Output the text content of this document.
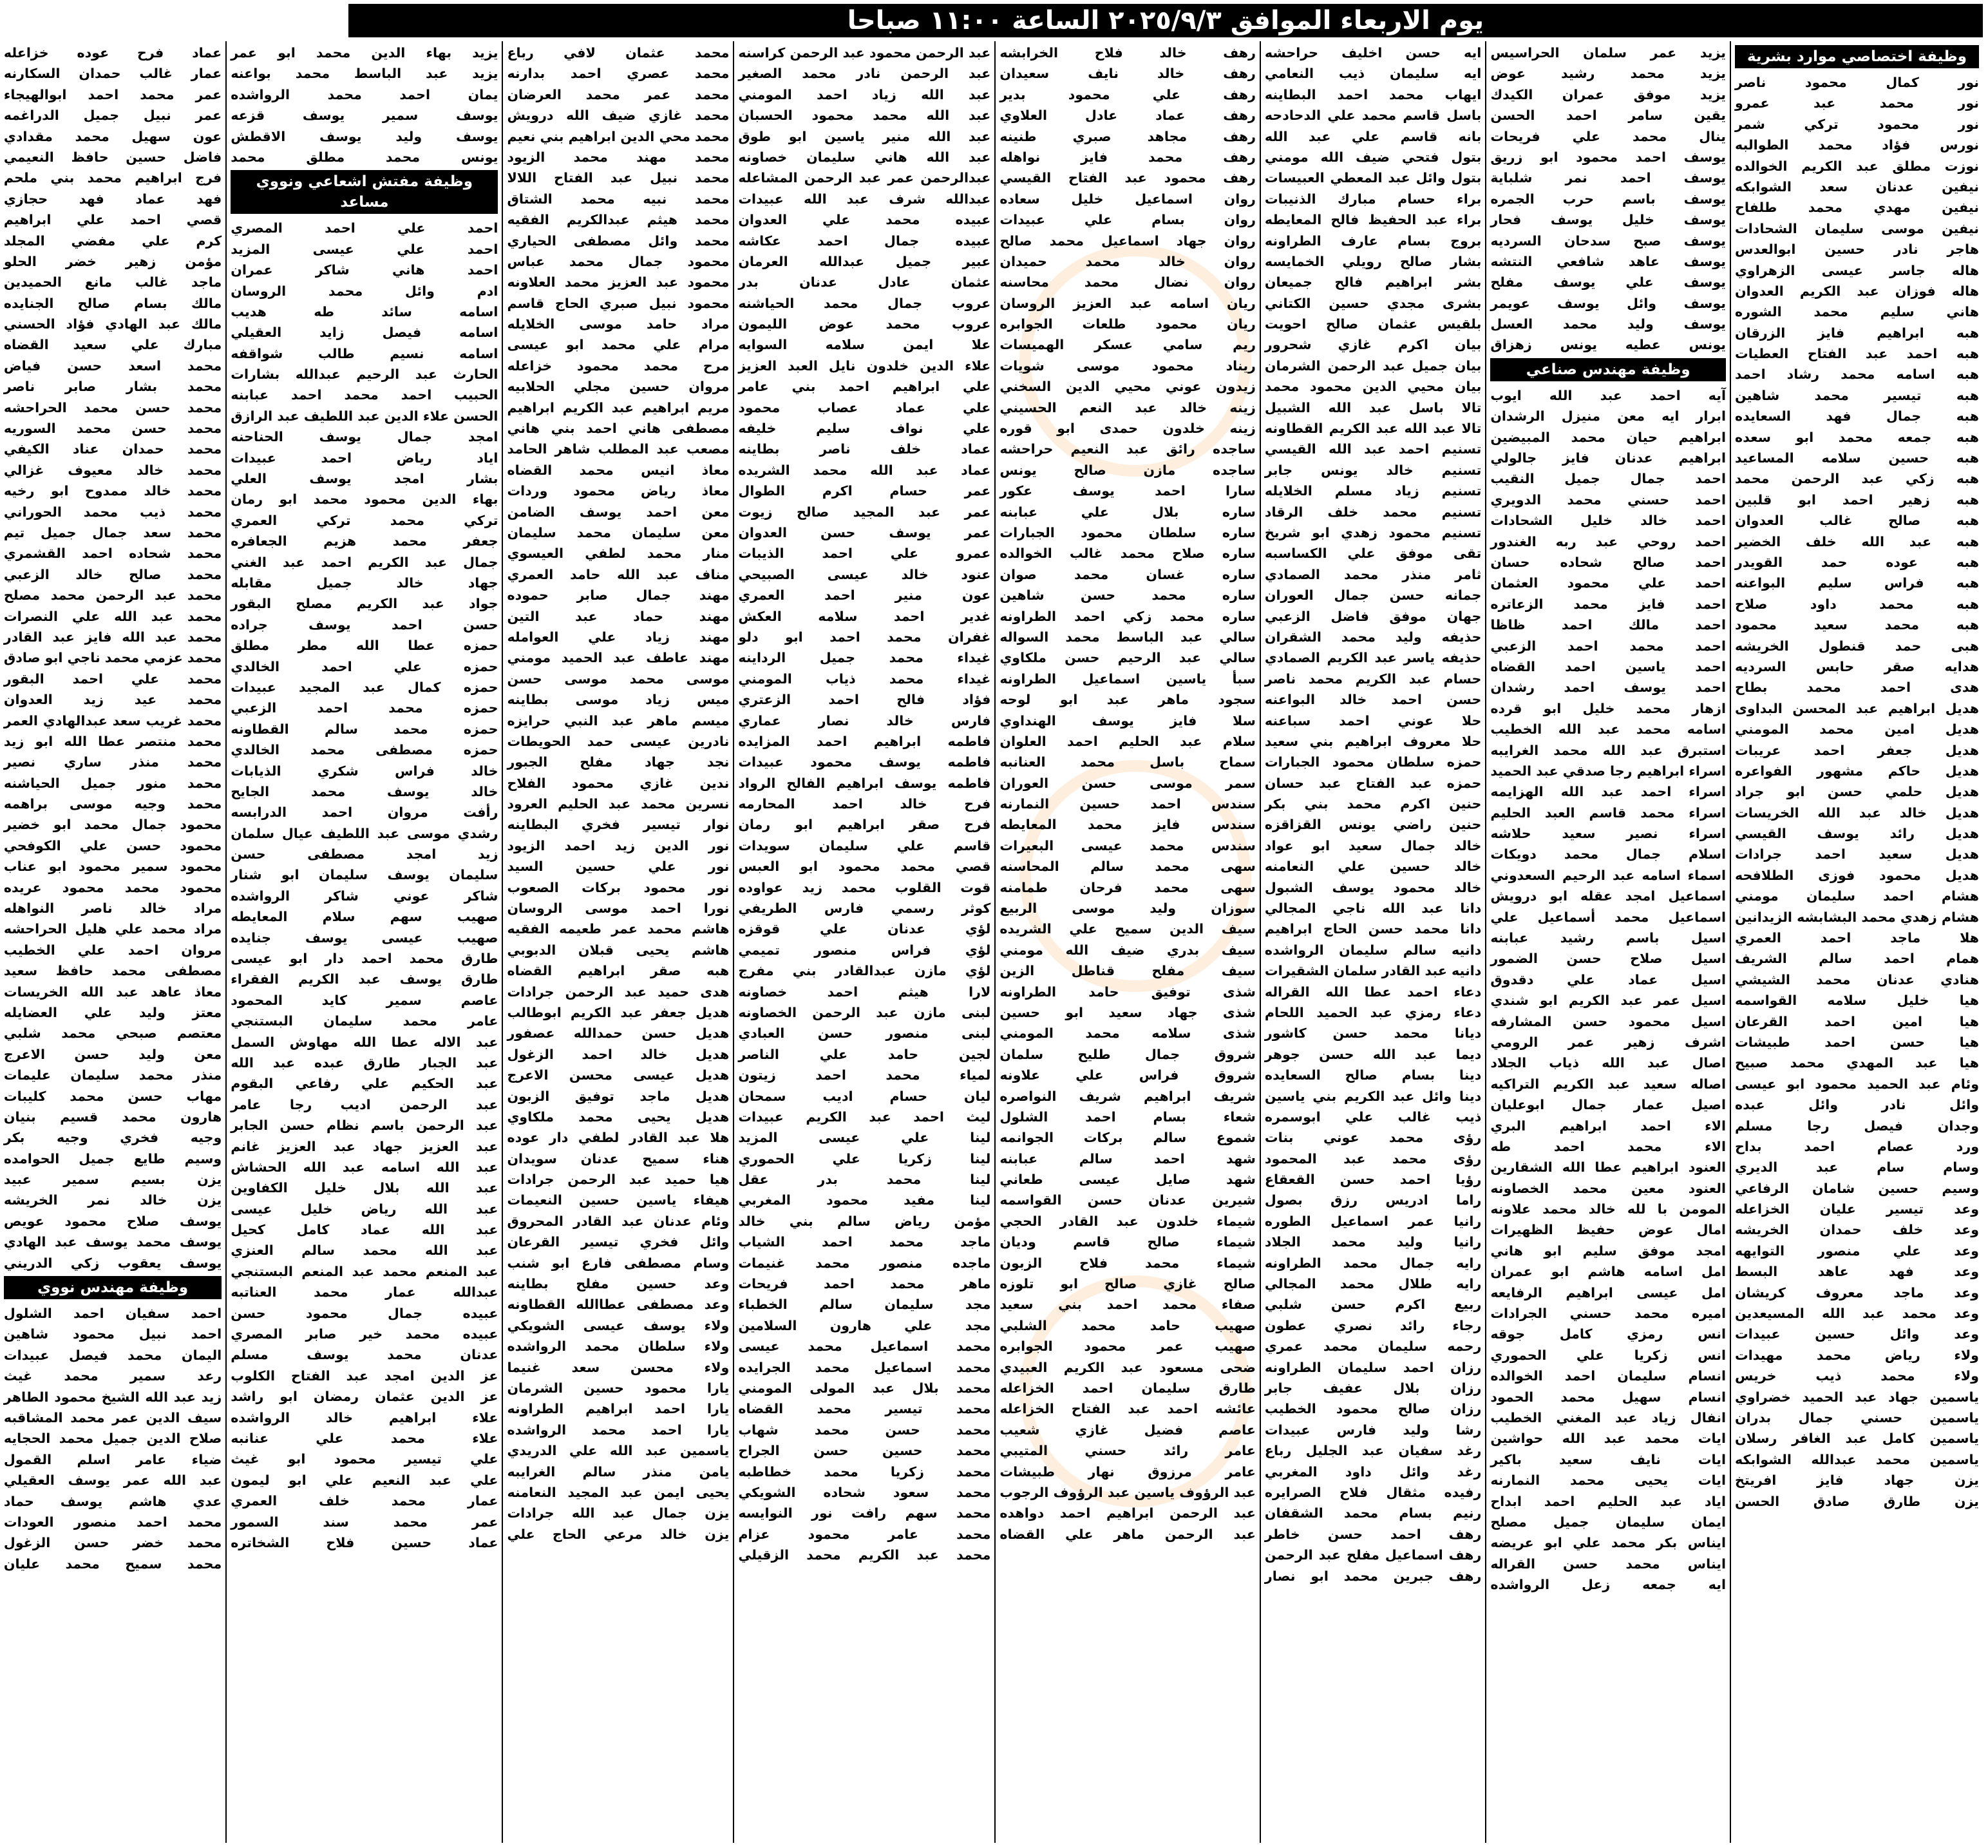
يوم الاربعاء الموافق ٢٠٢٥/٩/٣ الساعة ١١:٠٠ صباحا
وظيفة اختصاصي موارد بشرية
نور كمال محمود ناصر
نور محمد عبد عمرو
نور محمود تركي شمر
نورس فؤاد محمد الطوالبه
نوزت مطلق عبد الكريم الخوالده
نيفين عدنان سعد الشوابكه
نيفين مهدي محمد طلفاح
نيفين موسى سليمان الشحادات
هاجر نادر حسين ابوالعدس
هاله جاسر عيسى الزهراوي
هاله فوزان عبد الكريم العدوان
هاني سليم محمد الشوره
هبه ابراهيم فايز الزرقان
هبه احمد عبد الفتاح العطيات
هبه اسامه محمد رشاد احمد
هبه تيسير محمد شاهين
هبه جمال فهد السعايده
هبه جمعه محمد ابو سعده
هبه حسين سلامه المساعيد
هبه زكي عبد الرحمن محمد
هبه زهير احمد ابو قلبين
هبه صالح غالب العدوان
هبه عبد الله خلف الخضير
هبه عوده حمد القويدر
هبه فراس سليم البواعنه
هبه محمد داود صلاح
هبه محمد سعيد محمود
هبى حمد قنطول الخريشه
هدايه صقر حابس السرديه
هدى احمد محمد بطاح
هديل ابراهيم عبد المحسن البداوى
هديل امين محمد المومني
هديل جعفر احمد عريبات
هديل حاكم مشهور الفواعره
هديل حلمي حسن ابو جراد
هديل خالد عبد الله الخريسات
هديل رائد يوسف القيسي
هديل سعيد احمد جرادات
هديل محمود فوزى الطلافحه
هشام احمد سليمان مومني
هشام زهدي محمد البشابشه الزيدانين
هلا ماجد احمد العمري
همام احمد سالم الشريف
هنادي عدنان محمد الشيشي
هيا خليل سلامه القواسمه
هيا امين احمد القرعان
هيا حسن احمد طبيشات
هيا عبد المهدي محمد صبيح
وئام عبد الحميد محمود ابو عيسى
وائل نادر وائل عبده
وجدان فيصل رجا مسلم
ورد عصام احمد بداح
وسام سام عبد الديري
وسيم حسين شامان الرفاعي
وعد تيسير عليان الخزاعله
وعد خلف حمدان الخريشه
وعد علي منصور التوايهه
وعد فهد عاهد البسط
وعد ماجد معروف كريشان
وعد محمد عبد الله المسيعدين
وعد وائل حسين عبيدات
ولاء رياض محمد مهيدات
ولاء محمد ذيب خريس
ياسمين جهاد عبد الحميد خضراوي
ياسمين حسني جمال بدران
ياسمين كامل عبد الغافر رسلان
ياسمين محمد عبدالله الشوابكه
يزن جهاد فايز افريتخ
يزن طارق صادق الحسن
يزيد عمر سلمان الحراسيس
يزيد محمد رشيد عوض
يزيد موفق عمران الكيدك
يقين سامر احمد الحسن
ينال محمد علي فريحات
يوسف احمد محمود ابو زريق
يوسف احمد نمر شلباية
يوسف باسم حرب الجمره
يوسف خليل يوسف فحار
يوسف صبح سدحان السرديه
يوسف عاهد شافعي النتشه
يوسف علي يوسف مفلح
يوسف وائل يوسف عويمر
يوسف وليد محمد العسل
يونس عطيه يونس زهزاق
وظيفة مهندس صناعي
آيه احمد عبد الله ايوب
ابرار ايه معن منيزل الرشدان
ابراهيم حيان محمد المبيضين
ابراهيم عدنان فايز جالولي
احمد جمال جميل النقيب
احمد حسني محمد الدويري
احمد خالد خليل الشحادات
احمد روحي عبد ربه الغندور
احمد صالح شحاده حسان
احمد علي محمود العثمان
احمد فايز محمد الزعاتره
احمد مالك احمد ظاظا
احمد محمد احمد الزعبي
احمد ياسين احمد القضاه
احمد يوسف احمد رشدان
ازهار محمد خليل ابو قرده
اسامه محمد عبد الله الخطيب
استبرق عبد الله محمد الغرايبه
اسراء ابراهيم رجا صدقي عبد الحميد
اسراء احمد عبد الله الهزايمه
اسراء محمد قاسم العبد الحليم
اسراء نصير سعيد حلاشه
اسلام جمال محمد دويكات
اسماء اسامه عبد الرحيم السعدوني
اسماعيل امجد عقله ابو درويش
اسماعيل محمد أسماعيل علي
اسيل باسم رشيد عبابنه
اسيل صلاح حسن الضمور
اسيل عماد علي دقدوق
اسيل عمر عبد الكريم ابو شندي
اسيل محمود حسن المشارفه
اشرف زهير عمر الرومي
اصال عبد الله ذياب الجلاد
اصاله سعيد عبد الكريم التراكيه
اصيل عمار جمال ابوعليان
الاء احمد ابراهيم البري
الاء محمد احمد طه
العنود ابراهيم عطا الله الشقارين
العنود معين محمد الخصاونه
المومن با لله خالد محمد علاونه
امال عوض حفيظ الظهيرات
امجد موفق سليم ابو هاني
امل اسامه هاشم ابو عمران
امل عيسى ابراهيم الرفايعه
اميره محمد حسني الجرادات
انس رمزي كامل جوقه
انس زكريا علي الحموري
انسام سليمان احمد الخوالده
انسام سهيل محمد الحمود
انفال زياد عبد المغني الخطيب
ايات محمد عبد الله حواشين
ايات نايف سعيد باكير
ايات يحيى محمد النمارنه
اياد عبد الحليم احمد ابداح
ايمان سليمان جميل مصلح
ايناس بكر محمد علي ابو عريضه
ايناس محمد حسن القراله
ايه جمعه زعل الرواشده
ايه حسن اخليف حراحشه
ايه سليمان ذيب النعامي
ايهاب محمد احمد البطاينه
باسل قاسم محمد علي الدحادحه
بانه قاسم علي عبد الله
بتول فتحي ضيف الله مومني
بتول وائل عبد المعطي العبيسات
براء حسام مبارك الذنيبات
براء عبد الحفيظ فالح المعايطه
بروج بسام عارف الطراونه
بشار صالح رويلي الخمايسه
بشر ابراهيم فالح جميعان
بشرى مجدي حسين الكتاني
بلقيس عثمان صالح احويت
بيان اكرم غازي شحرور
بيان جميل عبد الرحمن الشرمان
بيان محيي الدين محمود محمد
تالا باسل عبد الله الشبيل
تالا عبد الله عبد الكريم القطاونه
تسنيم احمد عبد الله القيسي
تسنيم خالد يونس جابر
تسنيم زياد مسلم الخلايله
تسنيم محمد خلف الرقاد
تسنيم محمود زهدي ابو شريخ
تقى موفق علي الكساسبه
ثامر منذر محمد الصمادي
جمانه حسن جمال العوران
جهان موفق فاضل الزعبي
حذيفه وليد محمد الشقران
حذيفه ياسر عبد الكريم الصمادي
حسام عبد الكريم محمد ناصر
حسن احمد خالد البواعنه
حلا عوني احمد سباعنه
حلا معروف ابراهيم بني سعيد
حمزه سلطان محمود الجبارات
حمزه عبد الفتاح عبد حسان
حنين اكرم محمد بني بكر
حنين راضي يونس القزاقزه
خالد جمال سعيد ابو عواد
خالد حسين علي النعامنه
خالد محمود يوسف الشبول
دانا عبد الله ناجي المجالي
دانا محمد حسن الحاج ابراهيم
دانيه سالم سليمان الرواشده
دانيه عبد القادر سلمان الشقيرات
دعاء احمد عطا الله القراله
دعاء رمزي عبد الحميد اللحام
ديانا محمد حسن كاشور
ديما عبد الله حسن جوهر
دينا بسام صالح السعايده
دينا وائل عبد الكريم بني ياسين
ذيب غالب علي ابوسمره
رؤى محمد عوني بنات
رؤى محمد عبد المحمود
رؤيا احمد حسن القعقاع
راما ادريس رزق بصول
رانيا عمر اسماعيل الطوره
رانيا وليد محمد الجلاد
رايه جمال محمد الطراونه
رايه طلال محمد المجالي
ربيع اكرم حسن شلبي
رجاء رائد نصري عطون
رحمه سليمان محمد عمري
رزان احمد سليمان الطراونه
رزان بلال عفيف جابر
رزان صالح محمود الخطيب
رشا وليد فارس عبيدات
رغد سفيان عبد الجليل رباع
رغد وائل داود المغربي
رفيده مثقال فلاح الصرايره
رنيم بسام محمد الشقفان
رهف احمد حسن خاطر
رهف اسماعيل مفلح عبد الرحمن
رهف جبرين محمد ابو نصار
رهف خالد فلاح الخرابشه
رهف خالد نايف سعيدان
رهف علي محمود بدير
رهف عماد عادل العلاوي
رهف مجاهد صبري طنينه
رهف محمد فايز نواهله
رهف محمود عبد الفتاح القيسي
روان اسماعيل خليل سعاده
روان بسام علي عبيدات
روان جهاد اسماعيل محمد صالح
روان خالد محمد حميدان
روان نضال محمد محاسنه
ريان اسامه عبد العزيز الروسان
ريان محمود طلعات الجوابره
ريم سامي عسكر الهميسات
ريناد محمود موسى شويات
زيدون عوني محيي الدين السخني
زينه خالد عبد النعم الحسيني
زينه خلدون حمدى ابو قوره
ساجده رائق عبد النعيم حراحشه
ساجده مازن صالح يونس
سارا احمد يوسف عكور
ساره بلال علي عبابنه
ساره سلطان محمود الجبارات
ساره صلاح محمد غالب الخوالده
ساره غسان محمد صوان
ساره محمد حسن شاهين
ساره محمد زكي احمد الطراونه
سالي عبد الباسط محمد السواله
سالي عبد الرحيم حسن ملكاوي
سبأ ياسين اسماعيل الطراونه
سجود ماهر عبد ابو لوحه
سلا فايز يوسف الهنداوي
سلام عبد الحليم احمد العلوان
سماح باسل محمد العنانبه
سمر موسى حسن العوران
سندس احمد حسين النمارنه
سندس فايز محمد المعايطه
سندس محمد عيسى البعيرات
سهى محمد سالم المحاسنه
سهى محمد فرحان طمامنه
سوزان وليد موسى الربيع
سيف الدين سميح علي الشريده
سيف بدري ضيف الله مومني
سيف مفلح قناطل الزين
شذى توفيق حامد الطراونه
شذى جهاد سعيد ابو حسين
شذى سلامه محمد المومني
شروق جمال طليح سلمان
شروق فراس علي علاونه
شريف ابراهيم شريف النواصره
شعاء بسام احمد الشلول
شموع سالم بركات الجوانمه
شهد احمد سالم عبابنه
شهد صايل عيسى طعاني
شيرين عدنان حسن القواسمه
شيماء خلدون عبد القادر الحجي
شيماء صالح قاسم وديان
شيماء محمد فلاح الزبون
صالح غازي صالح ابو تلوزه
صفاء محمد احمد بني سعيد
صهيب حامد محمد الشلبي
صهيب عمر محمود الجوابره
ضحى مسعود عبد الكريم العبيدي
طارق سليمان احمد الخزاعله
عائشه احمد عبد الفتاح الخزاعله
عاصم فضيل غازي شعيب
عامر رائد حسني المتيبي
عامر مرزوق نهار طبيشات
عبد الرؤوف ياسين عبد الرؤوف الرجوب
عبد الرحمن ابراهيم احمد دواهده
عبد الرحمن ماهر علي القضاه
عبد الرحمن محمود عبد الرحمن كراسنه
عبد الرحمن نادر محمد الصغير
عبد الله زياد احمد المومني
عبد الله محمد محمود الحسبان
عبد الله منير ياسين ابو طوق
عبد الله هاني سليمان خصاونه
عبدالرحمن عمر عبد الرحمن المشاعله
عبدالله شرف عبد الله عبيدات
عبيده محمد علي العدوان
عبيده جمال احمد عكاشه
عبير جميل عبدالله العرمان
عثمان عادل عدنان بدر
عروب جمال محمد الحياشنه
عروب محمد عوض الليمون
علا ايمن سلامه السوايه
علاء الدين خلدون نايل العبد العزيز
علي ابراهيم احمد بني عامر
علي عماد عصاب محمود
علي نواف سليم خليفه
عماد خلف ناصر بطاينه
عماد عبد الله محمد الشريده
عمر حسام اكرم الطوال
عمر عبد المجيد صالح زيوت
عمر يوسف حسن العدوان
عمرو علي احمد الذيبات
عنود خالد عيسى الصبيحي
عون منير احمد العمري
غدير احمد سلامه العكش
غفران محمد احمد ابو دلو
غيداء محمد جميل الرداينه
غيداء محمد ذياب المومني
فؤاد فالح احمد الزعتري
فارس خالد نصار عماري
فاطمه ابراهيم احمد المزايده
فاطمه يوسف محمود عبيدات
فاطمه يوسف ابراهيم الفالح الرواد
فرح خالد احمد المحارمه
فرح صقر ابراهيم ابو رمان
قاسم علي سليمان سويدات
قصي محمد محمود ابو العبس
قوت القلوب محمد زيد عواوده
كوثر رسمي فارس الطريفي
لؤي عدنان علي قوقزه
لؤي فراس منصور تميمي
لؤي مازن عبدالقادر بني مفرج
لارا هيثم احمد خصاونه
لبنى مازن عبد الرحمن الخصاونه
لبنى منصور حسن العبادي
لجين حامد علي الناصر
لمياء محمد احمد زيتون
ليان حسام اديب سمحان
ليث احمد عبد الكريم عبيدات
لينا علي عيسى المزيد
لينا زكريا علي الحموري
لينا محمد بدر عقل
لينا مفيد محمود المغربي
مؤمن رياض سالم بني خالد
ماجد محمد احمد الشياب
ماجده منصور محمد غنيمات
ماهر محمد احمد فريحات
مجد سليمان سالم الخطباء
مجد علي هارون السلامين
محمد اسماعيل محمد عيسى
محمد اسماعيل محمد الجرايده
محمد بلال عبد المولى المومني
محمد تيسير محمد القضاه
محمد حسن محمد شهاب
محمد حسين حسن الجراح
محمد زكريا محمد خطاطبه
محمد سعود شحاده الشويكي
محمد سهم رافت نور النوايسه
محمد عامر محمود عزام
محمد عبد الكريم محمد الزقيلي
محمد عثمان لافي رباع
محمد عصري احمد بدارنه
محمد عمر محمد العرضان
محمد غازي ضيف الله درويش
محمد محي الدين ابراهيم بني نعيم
محمد مهند محمد الزيود
محمد نبيل عبد الفتاح اللالا
محمد نبيه محمد الشتاق
محمد هيثم عبدالكريم الفقيه
محمد وائل مصطفى الحياري
محمود جمال محمد عباس
محمود عبد العزيز محمد العلاونه
محمود نبيل صبري الحاج قاسم
مراد حامد موسى الخلايله
مرام علي محمد ابو عيسى
مرح محمد محمود خزاعله
مروان حسين مجلي الحلابيه
مريم ابراهيم عبد الكريم ابراهيم
مصطفى هاني احمد بني هاني
مصعب عبد المطلب شاهر الحامد
معاذ انيس محمد القضاه
معاذ رياض محمود وردات
معن احمد يوسف الضامن
معن سليمان محمد سليمان
منار محمد لطفي العيسوي
مناف عبد الله حامد العمري
مهند جمال صابر حموده
مهند حماد عبد التين
مهند زياد علي العوامله
مهند عاطف عبد الحميد مومني
موسى محمد موسى حسن
ميس زياد موسى بطاينه
ميسم ماهر عبد النبي حرايزه
نادرين عيسى حمد الحويطات
نجد جهاد مفلح الجبور
ندين غازي محمود الفلاح
نسرين محمد عبد الحليم العرود
نوار تيسير فخري البطاينه
نور الدين زيد احمد الزيود
نور علي حسين السيد
نور محمود بركات الصعوب
نورا احمد موسى الروسان
هاشم محمد عمر طعيمه الفقيه
هاشم يحيى قبلان الدبوبي
هبه صقر ابراهيم القضاه
هدى حميد عبد الرحمن جرادات
هديل جعفر عبد الكريم ابوطالب
هديل حسن حمدالله عصفور
هديل خالد احمد الزغول
هديل عيسى محسن الاعرج
هديل ماجد توفيق الزبون
هديل يحيى محمد ملكاوي
هلا عبد القادر لطفي دار عوده
هناء سميح عدنان سويدان
هيا حميد عبد الرحمن جرادات
هيفاء ياسين حسين النعيمات
وئام عدنان عبد القادر المحروق
وائل فخري تيسير القرعان
وسام مصطفى فارع ابو شنب
وعد حسين مفلح بطاينه
وعد مصطفى عطاالله القطاونه
ولاء يوسف عيسى الشويكي
ولاء سلطان محمد الرواشده
ولاء محسن سعد غنيما
يارا محمود حسين الشرمان
يارا احمد ابراهيم الطراونه
يارا احمد محمد الرواشده
ياسمين عبد الله علي الدريدي
يامن منذر سالم الغرايبه
يحيى ايمن عبد المجيد النعامنه
يزن جمال عبد الله جرادات
يزن خالد مرعي الحاج علي
يزيد بهاء الدين محمد ابو عمر
يزيد عبد الباسط محمد بواعنه
يمان احمد محمد الرواشده
يوسف سمير يوسف قزعه
يوسف وليد يوسف الاقطش
يونس محمد مطلق محمد
وظيفة مفتش اشعاعي ونووي مساعد
احمد علي احمد المصري
احمد علي عيسى المزيد
احمد هاني شاكر عمران
ادم وائل محمد الروسان
اسامه سائد طه هديب
اسامه فيصل زايد العقيلي
اسامه نسيم طالب شواقفه
الحارث عبد الرحيم عبدالله بشارات
الحبيب احمد محمد احمد عبابنه
الحسن علاء الدين عبد اللطيف عبد الرازق
امجد جمال يوسف الحناحنه
اياد رياض احمد عبيدات
بشار امجد يوسف العلي
بهاء الدين محمود محمد ابو رمان
تركي محمد تركي العمري
جعفر محمد هزيم الجعافره
جمال عبد الكريم احمد عبد الغني
جهاد خالد جميل مقابله
جواد عبد الكريم مصلح البقور
حسن احمد يوسف جراده
حمزه عطا الله مطر مطلق
حمزه علي احمد الخالدي
حمزه كمال عبد المجيد عبيدات
حمزه محمد احمد الزعبي
حمزه محمد سالم القطاونه
حمزه مصطفى محمد الخالدي
خالد فراس شكري الذيابات
خالد يوسف محمد الجايح
رأفت مروان احمد الدرابسه
رشدي موسى عبد اللطيف عيال سلمان
زيد امجد مصطفى حسن
سليمان يوسف سليمان ابو شنار
شاكر عوني شاكر الرواشده
صهيب سهم سلام المعايطه
صهيب عيسى يوسف جنايده
طارق محمد احمد دار ابو عيسى
طارق يوسف عبد الكريم الفقراء
عاصم سمير كايد المحمود
عامر محمد سليمان البستنجي
عبد الاله عطا الله مهاوش السمل
عبد الجبار طارق عبده عبد الله
عبد الحكيم علي رفاعي البقوم
عبد الرحمن اديب رجا عامر
عبد الرحمن باسم نظام حسن الجابر
عبد العزيز جهاد عبد العزيز غانم
عبد الله اسامه عبد الله الحشاش
عبد الله بلال خليل الكفاوين
عبد الله رياض خليل عيسى
عبد الله عماد كامل كحيل
عبد الله محمد سالم العنزي
عبد المنعم محمد عبد المنعم البستنجي
عبدالله عمار محمد العناتبه
عبيده جمال محمود حسن
عبيده محمد خير صابر المصري
عدنان محمد يوسف مسلم
عز الدين امجد عبد الفتاح الكلوب
عز الدين عثمان رمضان ابو راشد
علاء ابراهيم خالد الرواشده
علاء محمد علي عنانبه
علي تيسير محمود ابو غيث
علي عبد النعيم علي ابو ليمون
عمار محمد خلف العمري
عمر محمد سند السمور
عماد حسين فلاح الشخاتره
عماد فرح عوده خزاعله
عمار غالب حمدان السكارنه
عمر محمد احمد ابوالهيجاء
عمر نبيل جميل الدراغمه
عون سهيل محمد مقدادي
فاضل حسين حافظ النعيمي
فرج ابراهيم محمد بني ملحم
فهد عماد فهد حجازي
قصي احمد علي ابراهيم
كرم علي مفضي المجلد
مؤمن زهير خضر الحلو
ماجد غالب مانع الحميدين
مالك بسام صالح الجنايده
مالك عبد الهادي فؤاد الحسني
مبارك علي سعيد القضاه
محمد اسعد حسن فياض
محمد بشار صابر ناصر
محمد حسن محمد الحراحشه
محمد حسن محمد السوريه
محمد حمدان عناد الكيفي
محمد خالد معيوف غزالي
محمد خالد ممدوح ابو رخيه
محمد ذيب محمد الحوراني
محمد سعد جمال جميل تيم
محمد شحاده احمد القشمري
محمد صالح خالد الزعبي
محمد عبد الرحمن محمد مصلح
محمد عبد الله علي النصرات
محمد عبد الله فايز عبد القادر
محمد عزمي محمد ناجي ابو صادق
محمد علي احمد البقور
محمد عيد زيد العدوان
محمد غريب سعد عبدالهادي العمر
محمد منتصر عطا الله ابو زيد
محمد منذر ساري نصير
محمد منور جميل الحياشنه
محمد وجيه موسى براهمه
محمود جمال محمد ابو خضير
محمود حسن علي الكوفحي
محمود سمير محمود ابو عناب
محمود محمد محمود عريده
مراد خالد ناصر النواهله
مراد محمد علي هليل الحراحشه
مروان احمد علي الخطيب
مصطفى محمد حافظ سعيد
معاذ عاهد عبد الله الخريسات
معتز وليد علي العضايله
معتصم صبحي محمد شلبي
معن وليد حسن الاعرج
منذر محمد سليمان عليمات
مهاب حسن محمد كليبات
هارون محمد قسيم بنيان
وجيه فخري وجيه بكر
وسيم طايع جميل الحوامده
يزن بسيم سمير عبيد
يزن خالد نمر الخريشه
يوسف صلاح محمود عويص
يوسف محمد يوسف عبد الهادي
يوسف يعقوب زكي الدريني
وظيفة مهندس نووي
احمد سفيان احمد الشلول
احمد نبيل محمود شاهين
اليمان محمد فيصل عبيدات
رعد سمير محمد غيث
زيد عبد الله الشيخ محمود الطاهر
سيف الدين عمر محمد المشاقبه
صلاح الدين جميل محمد الحجايه
ضياء عامر اسلم القمول
عبد الله عمر يوسف العقيلي
عدي هاشم يوسف حماد
محمد احمد منصور العودات
محمد خضر حسن الزغول
محمد سميح محمد عليان
